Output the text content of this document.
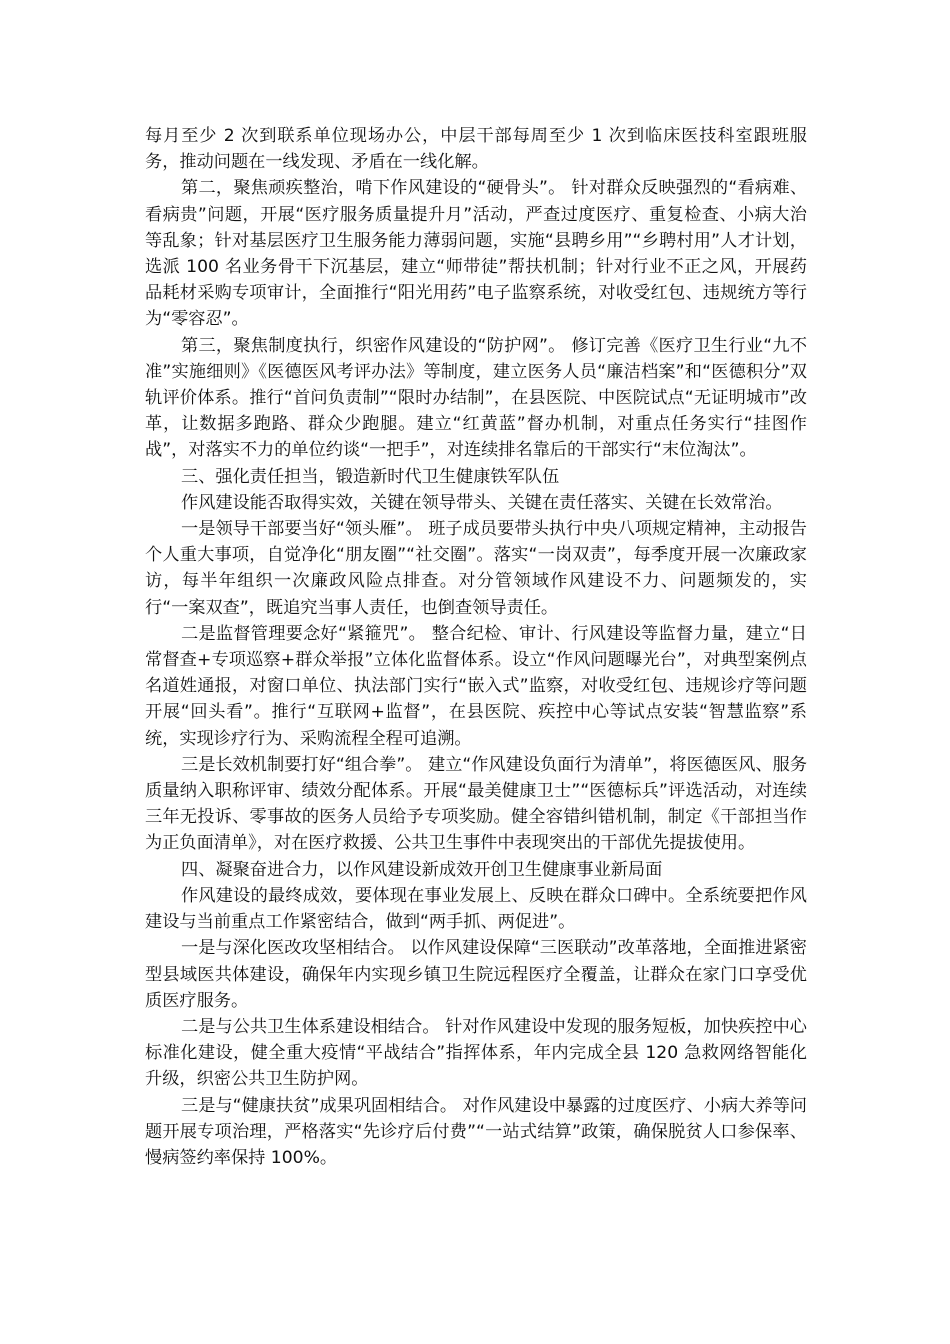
每月至少 2 次到联系单位现场办公，中层干部每周至少 1 次到临床医技科室跟班服务，推动问题在一线发现、矛盾在一线化解。

第二，聚焦顽疾整治，啃下作风建设的“硬骨头”。 针对群众反映强烈的“看病难、看病贵”问题，开展“医疗服务质量提升月”活动，严查过度医疗、重复检查、小病大治等乱象；针对基层医疗卫生服务能力薄弱问题，实施“县聘乡用”“乡聘村用”人才计划，选派 100 名业务骨干下沉基层，建立“师带徒”帮扶机制；针对行业不正之风，开展药品耗材采购专项审计，全面推行“阳光用药”电子监察系统，对收受红包、违规统方等行为“零容忍”。

第三，聚焦制度执行，织密作风建设的“防护网”。 修订完善《医疗卫生行业“九不准”实施细则》《医德医风考评办法》等制度，建立医务人员“廉洁档案”和“医德积分”双轨评价体系。推行“首问负责制”“限时办结制”，在县医院、中医院试点“无证明城市”改革，让数据多跑路、群众少跑腿。建立“红黄蓝”督办机制，对重点任务实行“挂图作战”，对落实不力的单位约谈“一把手”，对连续排名靠后的干部实行“末位淘汰”。

三、强化责任担当，锻造新时代卫生健康铁军队伍

作风建设能否取得实效，关键在领导带头、关键在责任落实、关键在长效常治。

一是领导干部要当好“领头雁”。 班子成员要带头执行中央八项规定精神，主动报告个人重大事项，自觉净化“朋友圈”“社交圈”。落实“一岗双责”，每季度开展一次廉政家访，每半年组织一次廉政风险点排查。对分管领域作风建设不力、问题频发的，实行“一案双查”，既追究当事人责任，也倒查领导责任。

二是监督管理要念好“紧箍咒”。 整合纪检、审计、行风建设等监督力量，建立“日常督查+专项巡察+群众举报”立体化监督体系。设立“作风问题曝光台”，对典型案例点名道姓通报，对窗口单位、执法部门实行“嵌入式”监察，对收受红包、违规诊疗等问题开展“回头看”。推行“互联网+监督”，在县医院、疾控中心等试点安装“智慧监察”系统，实现诊疗行为、采购流程全程可追溯。

三是长效机制要打好“组合拳”。 建立“作风建设负面行为清单”，将医德医风、服务质量纳入职称评审、绩效分配体系。开展“最美健康卫士”“医德标兵”评选活动，对连续三年无投诉、零事故的医务人员给予专项奖励。健全容错纠错机制，制定《干部担当作为正负面清单》，对在医疗救援、公共卫生事件中表现突出的干部优先提拔使用。

四、凝聚奋进合力，以作风建设新成效开创卫生健康事业新局面

作风建设的最终成效，要体现在事业发展上、反映在群众口碑中。全系统要把作风建设与当前重点工作紧密结合，做到“两手抓、两促进”。

一是与深化医改攻坚相结合。 以作风建设保障“三医联动”改革落地，全面推进紧密型县域医共体建设，确保年内实现乡镇卫生院远程医疗全覆盖，让群众在家门口享受优质医疗服务。

二是与公共卫生体系建设相结合。 针对作风建设中发现的服务短板，加快疾控中心标准化建设，健全重大疫情“平战结合”指挥体系，年内完成全县 120 急救网络智能化升级，织密公共卫生防护网。

三是与“健康扶贫”成果巩固相结合。 对作风建设中暴露的过度医疗、小病大养等问题开展专项治理，严格落实“先诊疗后付费”“一站式结算”政策，确保脱贫人口参保率、慢病签约率保持 100%。
